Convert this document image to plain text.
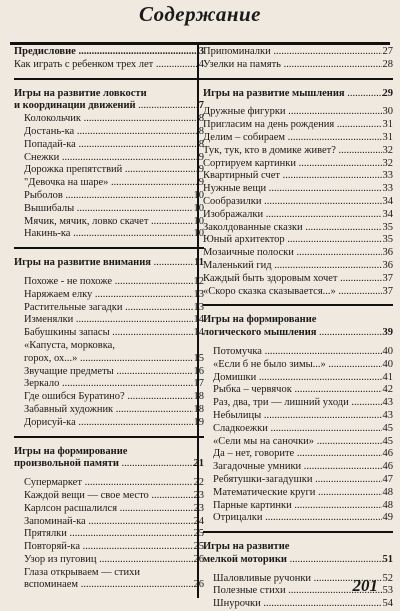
Содержание
Предисловие .....	3
Как играть с ребенком трех лет .....	4
Игры на развитие ловкости
и координации движений .....	7
Колокольчик .....	8
Достань-ка .....	8
Попадай-ка .....	8
Снежки .....	9
Дорожка препятствий .....	9
"Девочка на шаре» .....	9
Рыболов .....	10
Вышибалы .....	10
Мячик, мячик, ловко скачет .....	10
Накинь-ка .....	10
Игры на развитие внимания .....	11
Похоже - не похоже .....	12
Наряжаем елку .....	13
Растительные загадки .....	13
Изменялки .....	14
Бабушкины запасы .....	14
«Капуста, морковка,
горох, ох...» .....	15
Звучащие предметы .....	16
Зеркало .....	17
Где ошибся Буратино? .....	18
Забавный художник .....	18
Дорисуй-ка .....	19
Игры на формирование
произвольной памяти .....	21
Супермаркет .....	22
Каждой вещи — свое место .....	23
Карлсон расшалился .....	23
Запоминай-ка .....	24
Прятялки .....	25
Повторяй-ка .....	25
Узор из пуговиц .....	26
Глаза открываем — стихи
вспоминаем .....	26
Припоминалки .....	27
Узелки на память .....	28
Игры на развитие мышления .....	29
Дружные фигурки .....	30
Пригласим на день рождения .....	31
Делим – собираем .....	31
Тук, тук, кто в домике живет? .....	32
Сортируем картинки .....	32
Квартирный счет .....	33
Нужные вещи .....	33
Сообразилки .....	34
Изображалки .....	34
Заколдованные сказки .....	35
Юный архитектор .....	35
Мозаичные полоски .....	36
Маленький гид .....	36
Каждый быть здоровым хочет .....	37
«Скоро сказка сказывается...» .....	37
Игры на формирование
логического мышления .....	39
Потомучка .....	40
«Если б не было зимы...» .....	40
Домишки .....	41
Рыбка – червячок .....	42
Раз, два, три — лишний уходи .....	43
Небылицы .....	43
Сладкоежки .....	45
«Сели мы на саночки» .....	45
Да – нет, говорите .....	46
Загадочные умники .....	46
Ребятушки-загадушки .....	47
Математические круги .....	48
Парные картинки .....	48
Отрицалки .....	49
Игры на развитие
мелкой моторики .....	51
Шаловливые ручонки .....	52
Полезные стихи .....	53
Шнурочки .....	54
201
